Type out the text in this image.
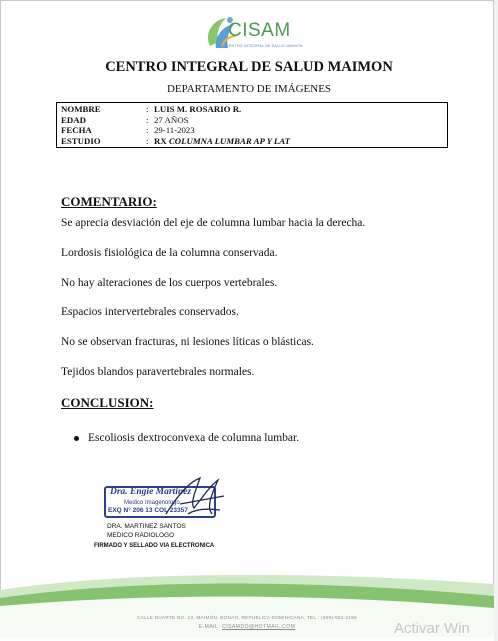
CISAM
CENTRO INTEGRAL DE SALUD MAIMON
CENTRO INTEGRAL DE SALUD MAIMON
DEPARTAMENTO DE IMÁGENES
NOMBRE	: LUIS M. ROSARIO R.
EDAD	: 27 AÑOS
FECHA	: 29-11-2023
ESTUDIO	: RX COLUMNA LUMBAR AP Y LAT
COMENTARIO:
Se aprecia desviación del eje de columna lumbar hacia la derecha.
Lordosis fisiológica de la columna conservada.
No hay alteraciones de los cuerpos vertebrales.
Espacios intervertebrales conservados.
No se observan fracturas, ni lesiones líticas o blásticas.
Tejidos blandos paravertebrales normales.
CONCLUSION:
Escoliosis dextroconvexa de columna lumbar.
Dra. Engie Martinez
Medico Imagenologo
EXQ N° 206 13 COL 23357
DRA. MARTINEZ SANTOS
MEDICO RADIOLOGO
FIRMADO Y SELLADO VIA ELECTRONICA
CALLE DUARTE NO. 13, MAIMÓN, BONAO, REPUBLICA DOMINICANA, TEL.: (809)-551-2196
E-MAIL: CISAMDO@HOTMAIL.COM	Activar Win
